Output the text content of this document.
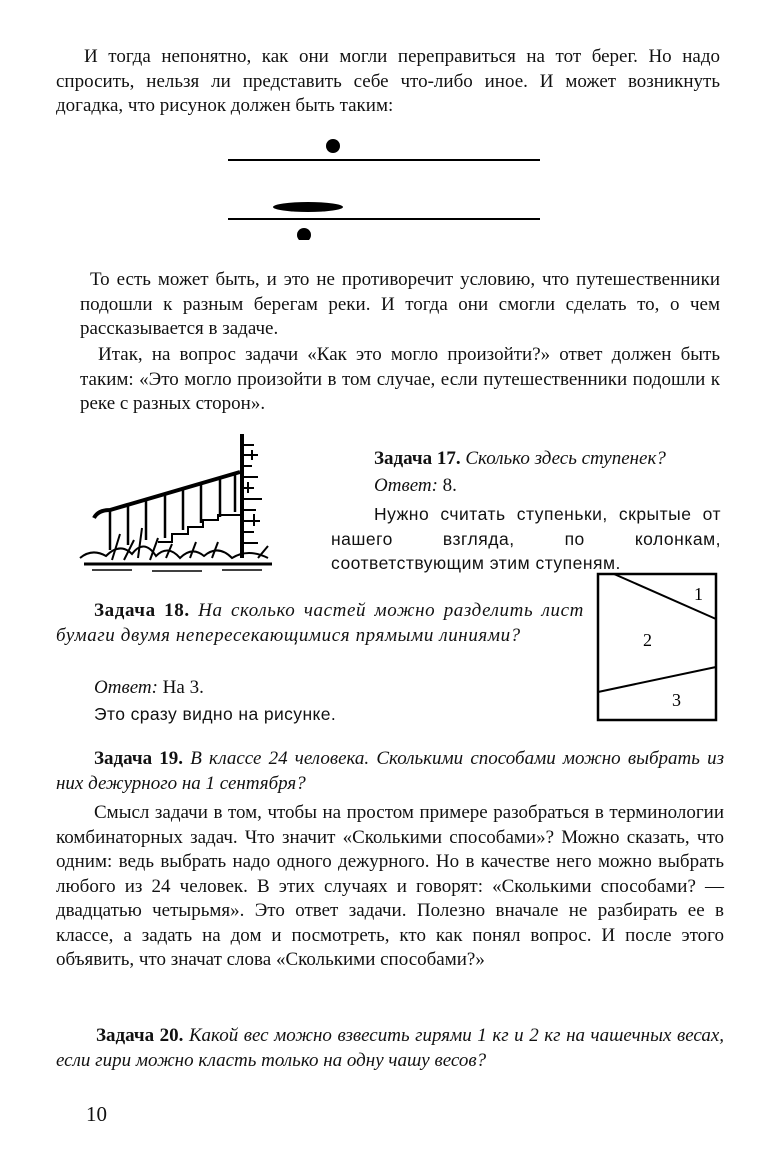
И тогда непонятно, как они могли переправиться на тот берег. Но надо спросить, нельзя ли представить себе что-либо иное. И может возникнуть догадка, что рисунок должен быть таким:
То есть может быть, и это не противоречит условию, что путешественники подошли к разным берегам реки. И тогда они смогли сделать то, о чем рассказывается в задаче.
Итак, на вопрос задачи «Как это могло произойти?» ответ должен быть таким: «Это могло произойти в том случае, если путешественники подошли к реке с разных сторон».
Задача 17. Сколько здесь ступенек?
Ответ: 8.
Нужно считать ступеньки, скрытые от нашего взгляда, по колонкам, соответствующим этим ступеням.
1
2
3
Задача 18. На сколько частей можно разделить лист бумаги двумя непересекающимися прямыми линиями?
Ответ: На 3.
Это сразу видно на рисунке.
Задача 19. В классе 24 человека. Сколькими способами можно выбрать из них дежурного на 1 сентября?
Смысл задачи в том, чтобы на простом примере разобраться в терминологии комбинаторных задач. Что значит «Сколькими способами»? Можно сказать, что одним: ведь выбрать надо одного дежурного. Но в качестве него можно выбрать любого из 24 человек. В этих случаях и говорят: «Сколькими способами? — двадцатью четырьмя». Это ответ задачи. Полезно вначале не разбирать ее в классе, а задать на дом и посмотреть, кто как понял вопрос. И после этого объявить, что значат слова «Сколькими способами?»
Задача 20. Какой вес можно взвесить гирями 1 кг и 2 кг на чашечных весах, если гири можно класть только на одну чашу весов?
10
